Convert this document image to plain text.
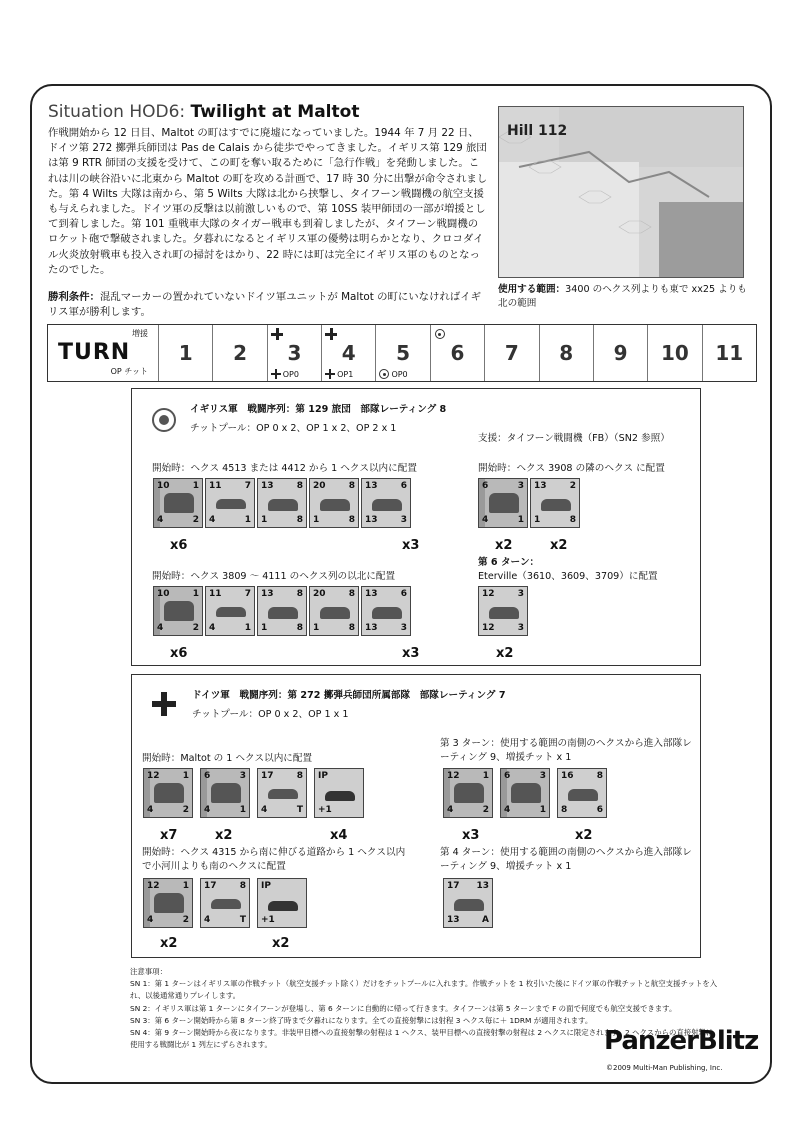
Situation HOD6: Twilight at Maltot
作戦開始から 12 日目、Maltot の町はすでに廃墟になっていました。1944 年 7 月 22 日、ドイツ第 272 擲弾兵師団は Pas de Calais から徒歩でやってきました。イギリス第 129 旅団は第 9 RTR 師団の支援を受けて、この町を奪い取るために「急行作戦」を発動しました。これは川の峡谷沿いに北東から Maltot の町を攻める計画で、17 時 30 分に出撃が命令されました。第 4 Wilts 大隊は南から、第 5 Wilts 大隊は北から挟撃し、タイフーン戦闘機の航空支援も与えられました。ドイツ軍の反撃は以前激しいもので、第 10SS 装甲師団の一部が増援として到着しました。第 101 重戦車大隊のタイガー戦車も到着しましたが、タイフーン戦闘機のロケット砲で撃破されました。夕暮れになるとイギリス軍の優勢は明らかとなり、クロコダイル火炎放射戦車も投入され町の掃討をはかり、22 時には町は完全にイギリス軍のものとなったのでした。
勝利条件：混乱マーカーの置かれていないドイツ軍ユニットが Maltot の町にいなければイギリス軍が勝利します。
Hill 112
使用する範囲：3400 のヘクス列よりも東で xx25 よりも北の範囲
増援
TURN
OP チット
1	2	3
OP0
4
OP1
5
OP0
6	7	8	9	10	11
イギリス軍　戦闘序列：第 129 旅団　部隊レーティング 8
チットプール：OP 0 x 2、OP 1 x 2、OP 2 x 1
支援：タイフーン戦闘機（FB）（SN2 参照）
開始時：ヘクス 4513 または 4412 から 1 ヘクス以内に配置	開始時：ヘクス 3908 の隣のヘクス に配置
10	1
4	2
11	7
4	1
13	8
1	8
20	8
1	8
13	6
13	3
x6	x3
6	3
4	1
13	2
1	8
x2	x2
第 6 ターン：
Eterville（3610、3609、3709）に配置
開始時：ヘクス 3809 〜 4111 のヘクス列の以北に配置
10	1
4	2
11	7
4	1
13	8
1	8
20	8
1	8
13	6
13	3
12	3
12	3
x6	x3	x2
ドイツ軍　戦闘序列：第 272 擲弾兵師団所属部隊　部隊レーティング 7
チットプール：OP 0 x 2、OP 1 x 1
開始時：Maltot の 1 ヘクス以内に配置
第 3 ターン：使用する範囲の南側のヘクスから進入部隊レーティング 9、増援チット x 1
12	1
4	2
6	3
4	1
17	8
4	T
IP
+1
x7	x2	x4
12	1
4	2
6	3
4	1
16	8
8	6
x3	x2
開始時：ヘクス 4315 から南に伸びる道路から 1 ヘクス以内で小河川よりも南のヘクスに配置
第 4 ターン：使用する範囲の南側のヘクスから進入部隊レーティング 9、増援チット x 1
12	1
4	2
17	8
4	T
IP
+1
x2	x2
17 13
13	A
注意事項：
SN 1：第 1 ターンはイギリス軍の作戦チット（航空支援チット除く）だけをチットプールに入れます。作戦チットを 1 枚引いた後にドイツ軍の作戦チットと航空支援チットを入れ、以後通常通りプレイします。
SN 2：イギリス軍は第 1 ターンにタイフーンが登場し、第 6 ターンに自動的に帰って行きます。タイフーンは第 5 ターンまで F の面で何度でも航空支援できます。
SN 3：第 6 ターン開始時から第 8 ターン終了時まで夕暮れになります。全ての直接射撃には射程 3 ヘクス毎に＋ 1DRM が適用されます。
SN 4：第 9 ターン開始時から夜になります。非装甲目標への直接射撃の射程は 1 ヘクス、装甲目標への直接射撃の射程は 2 ヘクスに限定されます。2 ヘクスからの直接射撃は使用する戦闘比が 1 列左にずらされます。	PanzerBlitz
©2009 Multi-Man Publishing, Inc.
